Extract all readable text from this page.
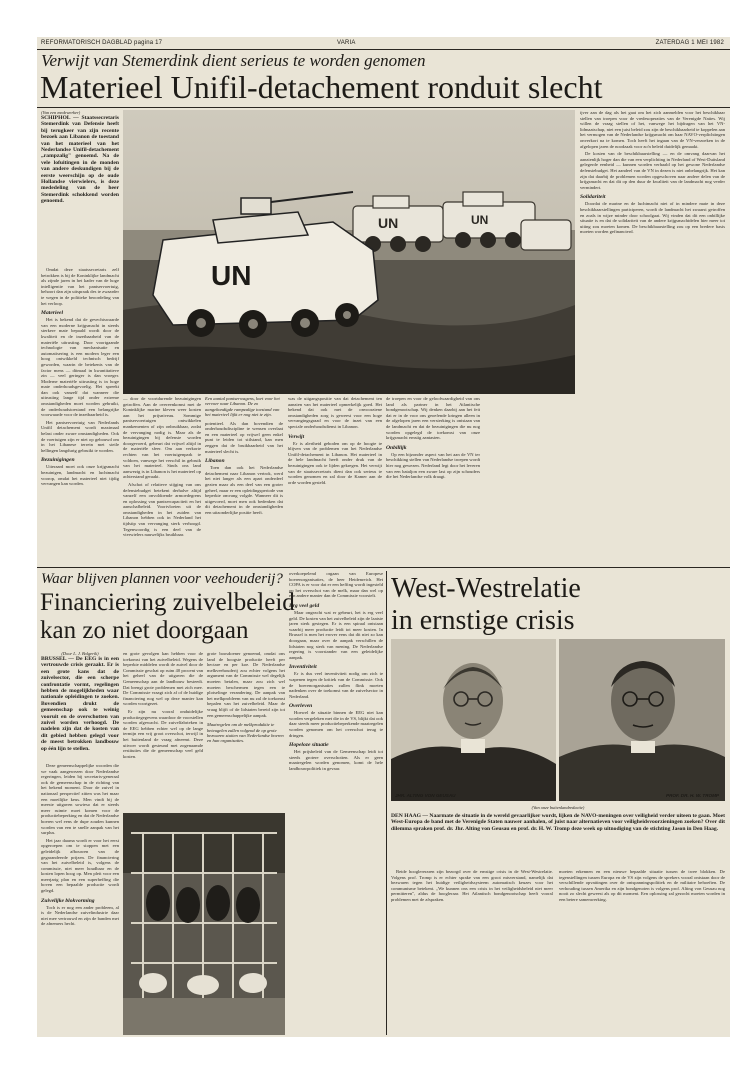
REFORMATORISCH DAGBLAD pagina 17	VARIA	ZATERDAG 1 MEI 1982
Verwijt van Stemerdink dient serieus te worden genomen
Materieel Unifil-detachement ronduit slecht
(Van een medewerker)
SCHIPHOL — Staatssecretaris Stemerdink van Defensie heeft bij terugkeer van zijn recente bezoek aan Libanon de toestand van het materieel van het Nederlandse Unifil-detachement „rampzalig" genoemd. Na de vele lofuitingen in de monden van andere deskundigen bij de eerste weerschijn op de oude Hollandse vierwielers, is deze mededeling van de heer Stemerdink schokkend worden genoemd.

Omdat deze staatssecretaris zelf betrokken is bij de Koninklijke landmacht als zijnde jaren in het kader van de hoge intelligentie van het pantservoertuig, behoort dan zijn uitspraak des te zwaarder te wegen in de politieke beoordeling van het verloop.

Materieel

Het is bekend dat de gevechtswaarde van een moderne krijgsmacht in steeds sterkere mate bepaald wordt door de kwaliteit en de inzetbaarheid van de materiële uitrusting. Door voortgaande technologie van mechanisatie en automatisering is een modern leger een hoog ontwikkeld technisch bedrijf geworden, waarin de betekenis van de factor mens — ditmaal in kwantitatieve zin — veel geringer is dan vroeger. Moderne materiële uitrusting is in hoge mate onderhoudsgevoelig. Het spreekt dan ook vanzelf dat wanneer die uitrusting lange tijd onder extreme omstandigheden moet worden gebruikt, de onderhoudstoestand een belangrijke voorwaarde voor de inzetbaarheid is.

Het pantservoertuig van Nederlands Unifil detachement wordt maximaal belast onder zware omstandigheden. Ook de voertuigen zijn er niet op gebouwd om in het Libanese terrein met steile hellingen langdurig gebruikt te worden.

Bezuinigingen

Uiteraard moet ook onze krijgsmacht bezuinigen, landmacht en luchtmacht voorop, omdat het materieel niet tijdig vervangen kan worden.

UN	UN
UN

— door de voortdurende bezuinigingen getroffen. Aan de overeenkomst met de Koninklijke marine kleven weer kosten aan het prijsniveau. Sommige pantservoertuigen ontwikkelen mankementen of zijn onbruikbaar, zodat de vervanging nodig is. Maar als de bezuinigingen bij defensie worden doorgevoerd, gebeurt dat vrijwel altijd in de materiële sfeer. Om aan verkorte rechten van het voertuigenpark te voldoen, vanwege het verschil in gebruik van het materieel. Sinds ons land aanwezig is in Libanon is het materieel op achterstand geraakt.

Afschot of relatieve stijging van ons defensiebudget betekent derhalve altijd vanzelf een onvoldoende armoedegrens en oplossing van pantsercapaciteit en het aanschafbeleid. Voortvloeien uit de omstandigheden in het zuiden van Libanon hebben ook in Nederland het tijdstip van vervanging sterk verhoogd. Tegenwoordig is een deel van de vierwielers nauwelijks bruikbaar.

Een aantal pantserwagens, kort voor het vervoer naar Libanon. De zo aangekondigde rampzalige toestand van het materieel lijkt er nog niet te zijn.

potentieel. Als dan bovendien de onderhoudsdiscipline te wensen overlaat en een materieel op vrijwel geen enkel punt te leiden tot stilstand, kan men zeggen dat de bruikbaarheid van het materieel slecht is.

Libanon

Toen dan ook het Nederlandse detachement naar Libanon vertrok, werd het niet langer als een apart onderdeel gezien maar als een deel van een groter geheel, maar er een opleidingsperiode van beperkte omvang volgde. Wanneer dit is uitgevoerd, moet men ook bedenken dat dit detachement in de omstandigheden een uitzonderlijke positie heeft.

was de uitgangspositie van dat detachement ten aanzien van het materieel opmerkelijk goed. Het bekend dat ook met de onvoorziene omstandigheden zorg is geweest voor een hoge vervangingsgraad en voor de inzet van een speciale onderhoudsdienst in Libanon.

Verwijt

Er is alertheid geboden om op de hoogte te blijven van de problemen van het Nederlandse Unifil-detachement in Libanon. Het materieel in de hele landmacht heeft onder druk van de bezuinigingen ook te lijden gekregen. Het verwijt van de staatssecretaris dient dan ook serieus te worden genomen en zal door de Kamer aan de orde worden gesteld.

de troepen en voor de geloofwaardigheid van ons land als partner in het Atlantische bondgenootschap. Wij denken daarbij aan het feit dat er in de voor ons geoefende kringen alleen in de afgelopen jaren een versterking is ontstaan van de landmacht en dat de bezuinigingen die nu nog worden opgelegd de toekomst van onze krijgsmacht ernstig aantasten.

Onbillijk

Op een bijzonder aspect van het aan de VN ter beschikking stellen van Nederlandse troepen wordt hier nog gewezen. Nederland legt door het leveren van een bataljon een zware last op zijn schouders die het Nederlandse volk draagt.

ijver aan de dag als het gaat om het zich aanmelden voor het beschikbaar stellen van troepen voor de vredesoperaties van de Verenigde Naties. Wij willen de vraag stellen of het, vanwege het bijdragen van het VN-lidmaatschap, niet een juist beleid zou zijn de beschikbaarheid te koppelen aan het vermogen van de Nederlandse krijgsmacht om haar NAVO-verplichtingen onverkort na te komen. Toch heeft het ingaan van de VN-verzoeken in de afgelopen jaren de noodzaak voor zo'n beleid duidelijk gemaakt.

De kosten van de beschikbaarstelling — en de omvang daarvan het aanzienlijk hoger dan die van een verplichting in Nederland of West-Duitsland gelegerde eenheid — kunnen worden verhaald op het gewone Nederlandse defensiebudget. Het aandeel van de VN in dezen is niet onbelangrijk. Het kan zijn dat daarbij de problemen worden opgeschoven naar andere delen van de krijgsmacht en dat dit op den duur de kwaliteit van de landmacht nog verder vermindert.

Solidariteit

Doordat de marine en de luchtmacht niet of in mindere mate in deze beschikbaarstellingen participeren, wordt de landmacht het zwaarst getroffen en zoals in wijze minder door schoolgaat. Wij vinden dat dit een onbillijke situatie is en dat de solidariteit van de andere krijgsmachtdelen hier meer tot uiting zou moeten komen. De beschikbaarstelling zou op een bredere basis moeten worden gefinancierd.

Waar blijven plannen voor veehouderij?
Financiering zuivelbeleid
kan zo niet doorgaan
(Door L. J. Bolgerik)
BRUSSEL — De EEG is in een vertrouwde crisis geraakt. Er is een grote kans dat de zuivelsector, die een scherpe confrontatie vormt, regelingen hebben de mogelijkheden waar nationale opleidingen te zoeken. Bovendien drukt de gemeenschap ook te weinig vooruit en de overschotten van zuivel worden verhoogd. De nadelen zijn dat de kosten van dit gebied hebben gelegd voor de meest betrokken landbouw op één lijn te stellen.

Deze gemeenschappelijke woorden die we vaak aangewezen door Nederlandse regeringen, leiden bij secretaris-generaal ook de gemeenschap in de richting van het bekend moment. Door de zuivel in nationaal perspectief zitten was het maar een moeilijke keus. Men vindt bij de meeste uitgaven sowieso dat er steeds meer ruimte moet komen voor de productiebeperking en dat de Nederlandse boeren wel eens de dupe zouden kunnen worden van een te snelle aanpak van het surplus.

Het jaar daarna wordt er voor het eerst opgeroepen om te stoppen met een geleidelijk afbouwen van de gegarandeerde prijzen. De financiering van het zuivelbeleid is, volgens de commissie, niet meer houdbaar en de kosten lopen hoog op. Men pleit voor een meerjarig plan en een superheffing die boven een bepaalde productie wordt gelegd.

Zuivelijke blokvorming

Toch is er nog een ander probleem, al is de Nederlandse zuivelindustrie daar niet mee vertrouwd en zijn de banden met de afnemers hecht.

en grote gevolgen kan hebben voor de toekomst van het zuivelbeleid. Wegens de beperkte middelen wordt de zuivel door de Commissie geschat op ruim 40 procent van het geheel van de uitgaven die de Gemeenschap aan de landbouw besteedt. Dat brengt grote problemen met zich mee. De Commissie vraagt zich af of de huidige financiering nog wel op deze manier kan worden voortgezet.

Er zijn nu vooral onduidelijke productiegegevens waardoor de voorstellen worden afgewacht. De zuivelfabrieken in de EEG hebben echter wel op de lange termijn een vrij groot overschot, terwijl in het buitenland de vraag afneemt. Deze uitvoer wordt gesteund met zogenaamde restituties die de gemeenschap veel geld kosten.

grote boosdoener genoemd, omdat ons land de hoogste productie heeft per hectare en per koe. De Nederlandse melkveehouderij zou echter volgens het argument van de Commissie wel degelijk moeten betalen, maar zou zich wel moeten beschermen tegen een te plotselinge verandering. De aanpak van het melkprobleem van nu zal de toekomst bepalen van het zuivelbeleid. Maar de vraag blijft of de lidstaten bereid zijn tot een gemeenschappelijke aanpak.

Maatregelen om de melkproduktie te beteugelen zullen volgend de op grote bezwaren stuiten van Nederlandse boeren en hun organisaties.

overkoepelend orgaan van Europese boerenorganisaties, de heer Heidenreich. Het COPA is er voor dat er een heffing wordt ingesteld op het overschot van de melk, maar dan wel op een andere manier dan de Commissie voorstelt.

Erg veel geld

Maar ongeacht wat er gebeurt, het is erg veel geld. De kosten van het zuivelbeleid zijn de laatste jaren sterk gestegen. Er is een spiraal ontstaan waarbij meer productie leidt tot meer kosten. In Brussel is men het erover eens dat dit niet zo kan doorgaan, maar over de aanpak verschillen de lidstaten nog sterk van mening. De Nederlandse regering is voorstander van een geleidelijke aanpak.

Inventiviteit

Er is dus veel inventiviteit nodig om zich te wapenen tegen de kritiek van de Commissie. Ook de boerenorganisaties zullen flink moeten nadenken over de toekomst van de zuivelsector in Nederland.

Overleven

Hoewel de situatie binnen de EEG niet kan worden vergeleken met die in de VS, blijkt dat ook daar steeds meer productiebeperkende maatregelen worden genomen om het overschot terug te dringen.

Hopeloze situatie

Het prijsbeleid van de Gemeenschap leidt tot steeds grotere overschotten. Als er geen maatregelen worden genomen, komt de hele landbouwpolitiek in gevaar.

West-Westrelatie
in ernstige crisis
JHR. ALTING VON GEUSAU	PROF. DR. H. W. TROMP
(Van onze buitenlandredactie)
DEN HAAG — Naarmate de situatie in de wereld gevaarlijker wordt, lijken de NAVO-meningen over veiligheid verder uiteen te gaan. Moet West-Europa de band met de Verenigde Staten nauwer aanhalen, of juist naar alternatieven voor veiligheidsvoorzieningen zoeken? Over dit dilemma spraken prof. dr. Jhr. Alting von Geusau en prof. dr. H. W. Tromp deze week op uitnodiging van de stichting Jason in Den Haag.

Beide hooglereraren zijn bezorgd over de ernstige crisis in de West-Westrelatie. Volgens prof. Tromp is er echter sprake van een groot misverstand, namelijk dat bezwaren tegen het huidige veiligheidssysteem automatisch keuzes voor het communisme betekent. „We kunnen ons een crisis in het veiligheidsbeleid niet meer permitteren", aldus de hoogleraar. Het Atlantisch bondgenootschap heeft vooral problemen met de afspraken.

moeten erkennen en een nieuwe bepaalde situatie tussen de twee blokken. De tegenstellingen tussen Europa en de VS zijn volgens de sprekers vooral ontstaan door de verschillende opvattingen over de ontspanningspolitiek en de militaire behoeften. De verhouding tussen Amerika en zijn bondgenoten is volgens prof. Alting von Geusau nog nooit zo slecht geweest als op dit moment. Een oplossing zal gezocht moeten worden in een betere samenwerking.
